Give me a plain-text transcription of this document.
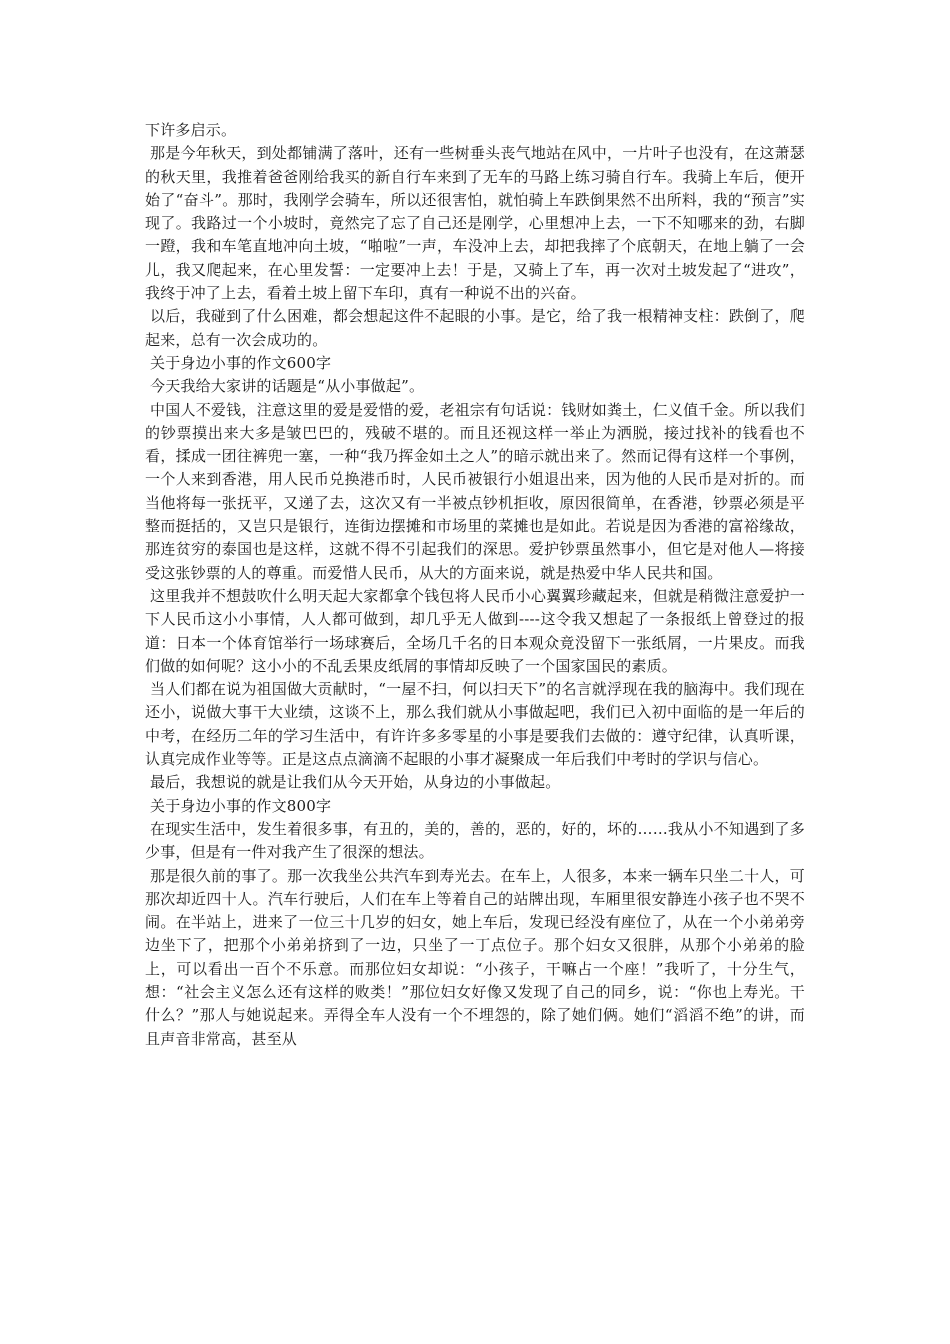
下许多启示。

那是今年秋天，到处都铺满了落叶，还有一些树垂头丧气地站在风中，一片叶子也没有，在这萧瑟的秋天里，我推着爸爸刚给我买的新自行车来到了无车的马路上练习骑自行车。我骑上车后，便开始了“奋斗”。那时，我刚学会骑车，所以还很害怕，就怕骑上车跌倒果然不出所料，我的“预言”实现了。我路过一个小坡时，竟然完了忘了自己还是刚学，心里想冲上去，一下不知哪来的劲，右脚一蹬，我和车笔直地冲向土坡，“啪啦”一声，车没冲上去，却把我摔了个底朝天，在地上躺了一会儿，我又爬起来，在心里发誓：一定要冲上去！于是，又骑上了车，再一次对土坡发起了“进攻”，我终于冲了上去，看着土坡上留下车印，真有一种说不出的兴奋。

以后，我碰到了什么困难，都会想起这件不起眼的小事。是它，给了我一根精神支柱：跌倒了，爬起来，总有一次会成功的。

关于身边小事的作文600字

今天我给大家讲的话题是“从小事做起”。

中国人不爱钱，注意这里的爱是爱惜的爱，老祖宗有句话说：钱财如粪土，仁义值千金。所以我们的钞票摸出来大多是皱巴巴的，残破不堪的。而且还视这样一举止为洒脱，接过找补的钱看也不看，揉成一团往裤兜一塞，一种“我乃挥金如土之人”的暗示就出来了。然而记得有这样一个事例，一个人来到香港，用人民币兑换港币时，人民币被银行小姐退出来，因为他的人民币是对折的。而当他将每一张抚平，又递了去，这次又有一半被点钞机拒收，原因很简单，在香港，钞票必须是平整而挺括的，又岂只是银行，连街边摆摊和市场里的菜摊也是如此。若说是因为香港的富裕缘故，那连贫穷的泰国也是这样，这就不得不引起我们的深思。爱护钞票虽然事小，但它是对他人—将接受这张钞票的人的尊重。而爱惜人民币，从大的方面来说，就是热爱中华人民共和国。

这里我并不想鼓吹什么明天起大家都拿个钱包将人民币小心翼翼珍藏起来，但就是稍微注意爱护一下人民币这小小事情，人人都可做到，却几乎无人做到----这令我又想起了一条报纸上曾登过的报道：日本一个体育馆举行一场球赛后，全场几千名的日本观众竟没留下一张纸屑，一片果皮。而我们做的如何呢？这小小的不乱丢果皮纸屑的事情却反映了一个国家国民的素质。

当人们都在说为祖国做大贡献时，“一屋不扫，何以扫天下”的名言就浮现在我的脑海中。我们现在还小，说做大事干大业绩，这谈不上，那么我们就从小事做起吧，我们已入初中面临的是一年后的中考，在经历二年的学习生活中，有许许多多零星的小事是要我们去做的：遵守纪律，认真听课，认真完成作业等等。正是这点点滴滴不起眼的小事才凝聚成一年后我们中考时的学识与信心。

最后，我想说的就是让我们从今天开始，从身边的小事做起。

关于身边小事的作文800字

在现实生活中，发生着很多事，有丑的，美的，善的，恶的，好的，坏的……我从小不知遇到了多少事，但是有一件对我产生了很深的想法。

那是很久前的事了。那一次我坐公共汽车到寿光去。在车上，人很多，本来一辆车只坐二十人，可那次却近四十人。汽车行驶后，人们在车上等着自己的站牌出现，车厢里很安静连小孩子也不哭不闹。在半站上，进来了一位三十几岁的妇女，她上车后，发现已经没有座位了，从在一个小弟弟旁边坐下了，把那个小弟弟挤到了一边，只坐了一丁点位子。那个妇女又很胖，从那个小弟弟的脸上，可以看出一百个不乐意。而那位妇女却说：“小孩子，干嘛占一个座！”我听了，十分生气，想：“社会主义怎么还有这样的败类！”那位妇女好像又发现了自己的同乡，说：“你也上寿光。干什么？”那人与她说起来。弄得全车人没有一个不埋怨的，除了她们俩。她们“滔滔不绝”的讲，而且声音非常高，甚至从
